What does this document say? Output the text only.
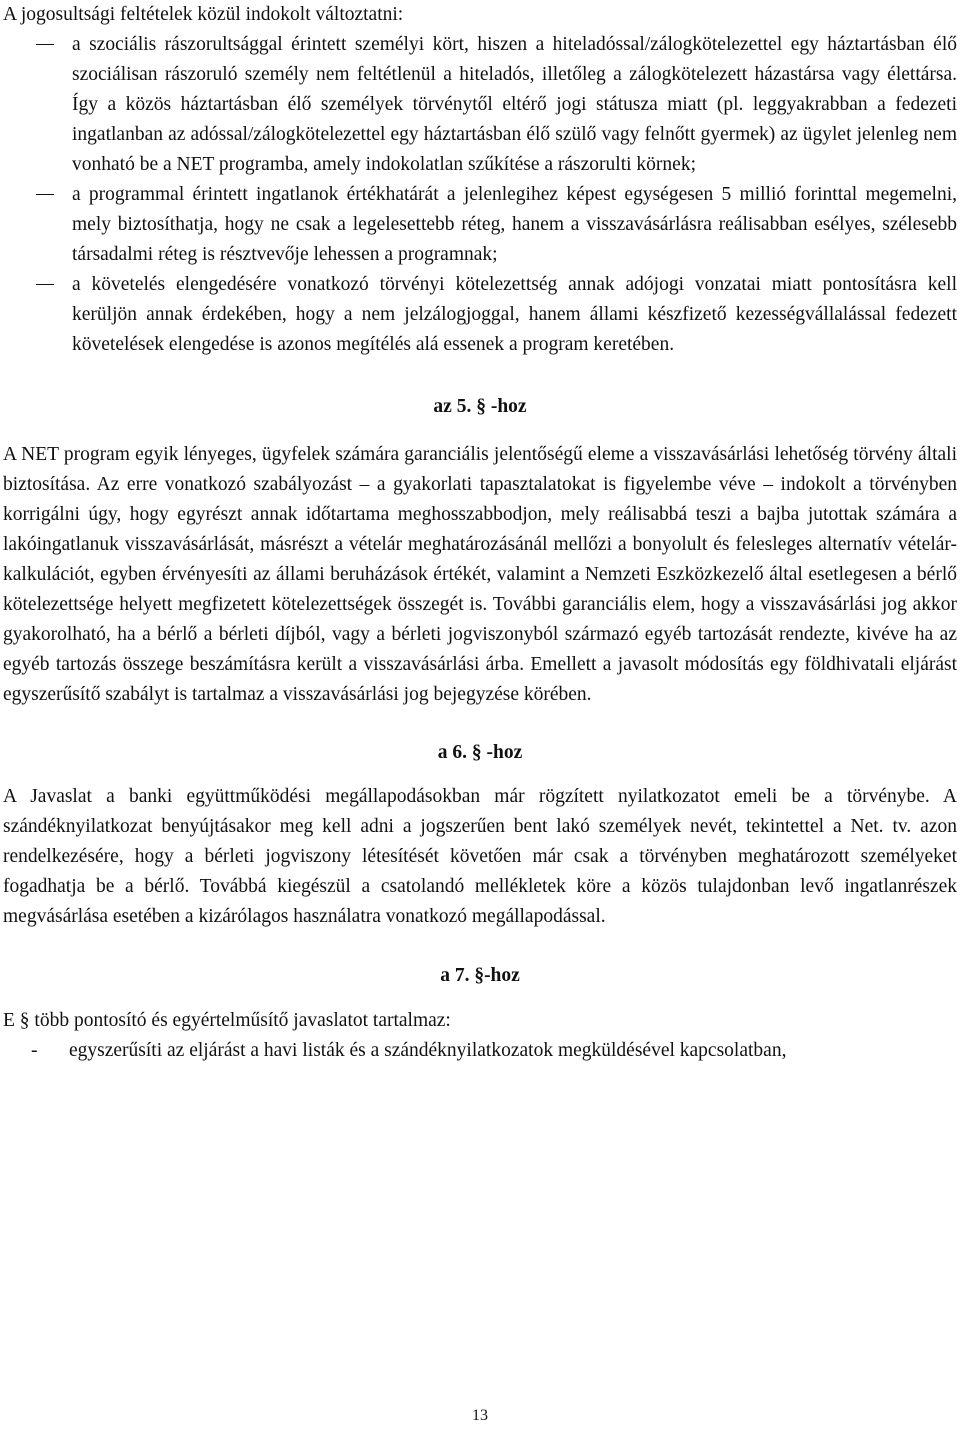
A jogosultsági feltételek közül indokolt változtatni:

a szociális rászorultsággal érintett személyi kört, hiszen a hiteladóssal/zálogkötelezettel egy háztartásban élő szociálisan rászoruló személy nem feltétlenül a hiteladós, illetőleg a zálogkötelezett házastársa vagy élettársa. Így a közös háztartásban élő személyek törvénytől eltérő jogi státusza miatt (pl. leggyakrabban a fedezeti ingatlanban az adóssal/zálogkötelezettel egy háztartásban élő szülő vagy felnőtt gyermek) az ügylet jelenleg nem vonható be a NET programba, amely indokolatlan szűkítése a rászorulti körnek;
a programmal érintett ingatlanok értékhatárát a jelenlegihez képest egységesen 5 millió forinttal megemelni, mely biztosíthatja, hogy ne csak a legelesettebb réteg, hanem a visszavásárlásra reálisabban esélyes, szélesebb társadalmi réteg is résztvevője lehessen a programnak;
a követelés elengedésére vonatkozó törvényi kötelezettség annak adójogi vonzatai miatt pontosításra kell kerüljön annak érdekében, hogy a nem jelzálogjoggal, hanem állami készfizető kezességvállalással fedezett követelések elengedése is azonos megítélés alá essenek a program keretében.

az 5. § -hoz

A NET program egyik lényeges, ügyfelek számára garanciális jelentőségű eleme a visszavásárlási lehetőség törvény általi biztosítása. Az erre vonatkozó szabályozást – a gyakorlati tapasztalatokat is figyelembe véve – indokolt a törvényben korrigálni úgy, hogy egyrészt annak időtartama meghosszabbodjon, mely reálisabbá teszi a bajba jutottak számára a lakóingatlanuk visszavásárlását, másrészt a vételár meghatározásánál mellőzi a bonyolult és felesleges alternatív vételár-kalkulációt, egyben érvényesíti az állami beruházások értékét, valamint a Nemzeti Eszközkezelő által esetlegesen a bérlő kötelezettsége helyett megfizetett kötelezettségek összegét is. További garanciális elem, hogy a visszavásárlási jog akkor gyakorolható, ha a bérlő a bérleti díjból, vagy a bérleti jogviszonyból származó egyéb tartozását rendezte, kivéve ha az egyéb tartozás összege beszámításra került a visszavásárlási árba. Emellett a javasolt módosítás egy földhivatali eljárást egyszerűsítő szabályt is tartalmaz a visszavásárlási jog bejegyzése körében.

a 6. § -hoz

A Javaslat a banki együttműködési megállapodásokban már rögzített nyilatkozatot emeli be a törvénybe. A szándéknyilatkozat benyújtásakor meg kell adni a jogszerűen bent lakó személyek nevét, tekintettel a Net. tv. azon rendelkezésére, hogy a bérleti jogviszony létesítését követően már csak a törvényben meghatározott személyeket fogadhatja be a bérlő. Továbbá kiegészül a csatolandó mellékletek köre a közös tulajdonban levő ingatlanrészek megvásárlása esetében a kizárólagos használatra vonatkozó megállapodással.

a 7. §-hoz

E § több pontosító és egyértelműsítő javaslatot tartalmaz:

- egyszerűsíti az eljárást a havi listák és a szándéknyilatkozatok megküldésével kapcsolatban,
13
